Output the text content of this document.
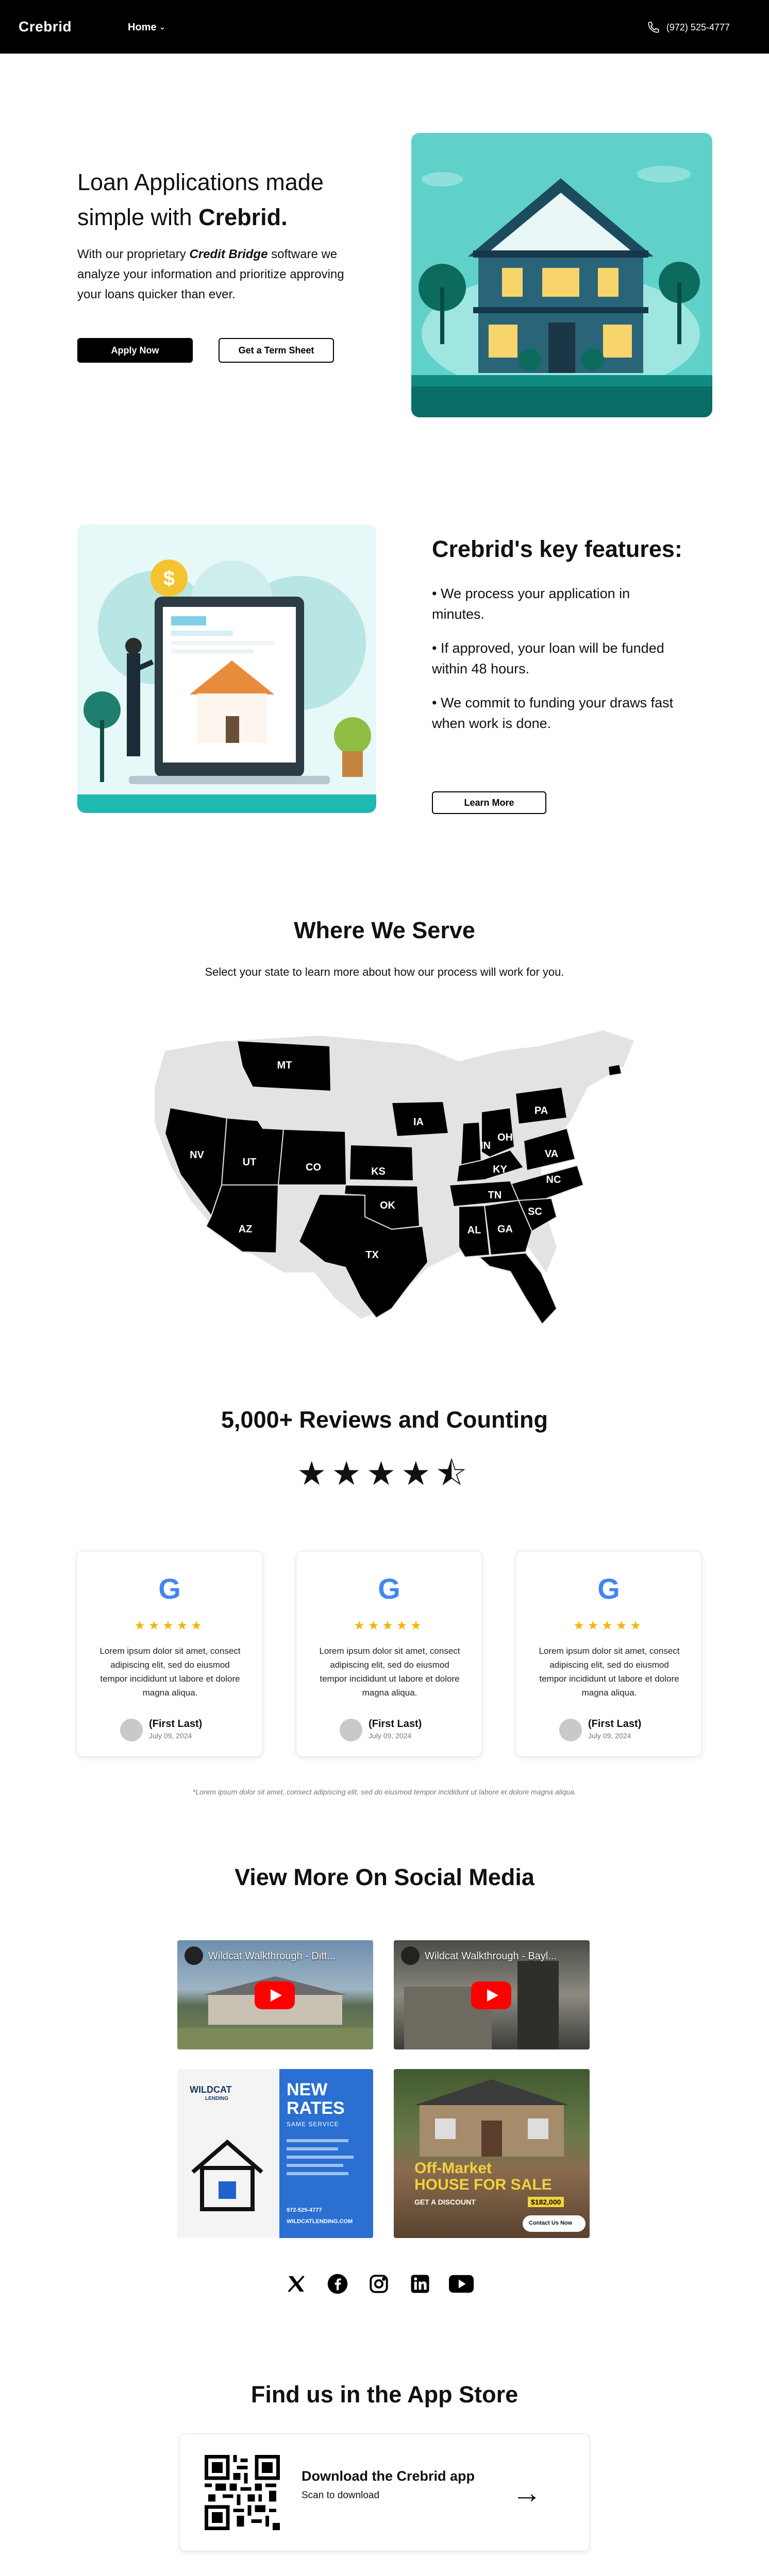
Crebrid	Home ⌄	(972) 525-4777
Loan Applications made simple with Crebrid.

With our proprietary Credit Bridge software we analyze your information and prioritize approving your loans quicker than ever.

Apply Now	Get a Term Sheet
$
Crebrid's key features:
• We process your application in minutes.
• If approved, your loan will be funded within 48 hours.
• We commit to funding your draws fast when work is done.
Learn More
Where We Serve

Select your state to learn more about how our process will work for you.

MT
NV
UT	CO	KS
IA
AZ
OK
TX
IN
OH
PA
KY
VA
NC
TN
SC
AL GA
5,000+ Reviews and Counting
★★★★⯪
G
★★★★★
Lorem ipsum dolor sit amet, consect adipiscing elit, sed do eiusmod tempor incididunt ut labore et dolore magna aliqua.
(First Last)
July 09, 2024
G
★★★★★
Lorem ipsum dolor sit amet, consect adipiscing elit, sed do eiusmod tempor incididunt ut labore et dolore magna aliqua.
(First Last)
July 09, 2024
G
★★★★★
Lorem ipsum dolor sit amet, consect adipiscing elit, sed do eiusmod tempor incididunt ut labore et dolore magna aliqua.
(First Last)
July 09, 2024

*Lorem ipsum dolor sit amet, consect adipiscing elit, sed do eiusmod tempor incididunt ut labore et dolore magna aliqua.

View More On Social Media
Wildcat Walkthrough - Ditt...	Wildcat Walkthrough - Bayl...
WILDCAT
LENDING	NEW
RATES
SAME SERVICE
972-525-4777
WILDCATLENDING.COM
Off-Market
HOUSE FOR SALE
GET A DISCOUNT	$182,000
Contact Us Now
Find us in the App Store
Download the Crebrid app
Scan to download	→
